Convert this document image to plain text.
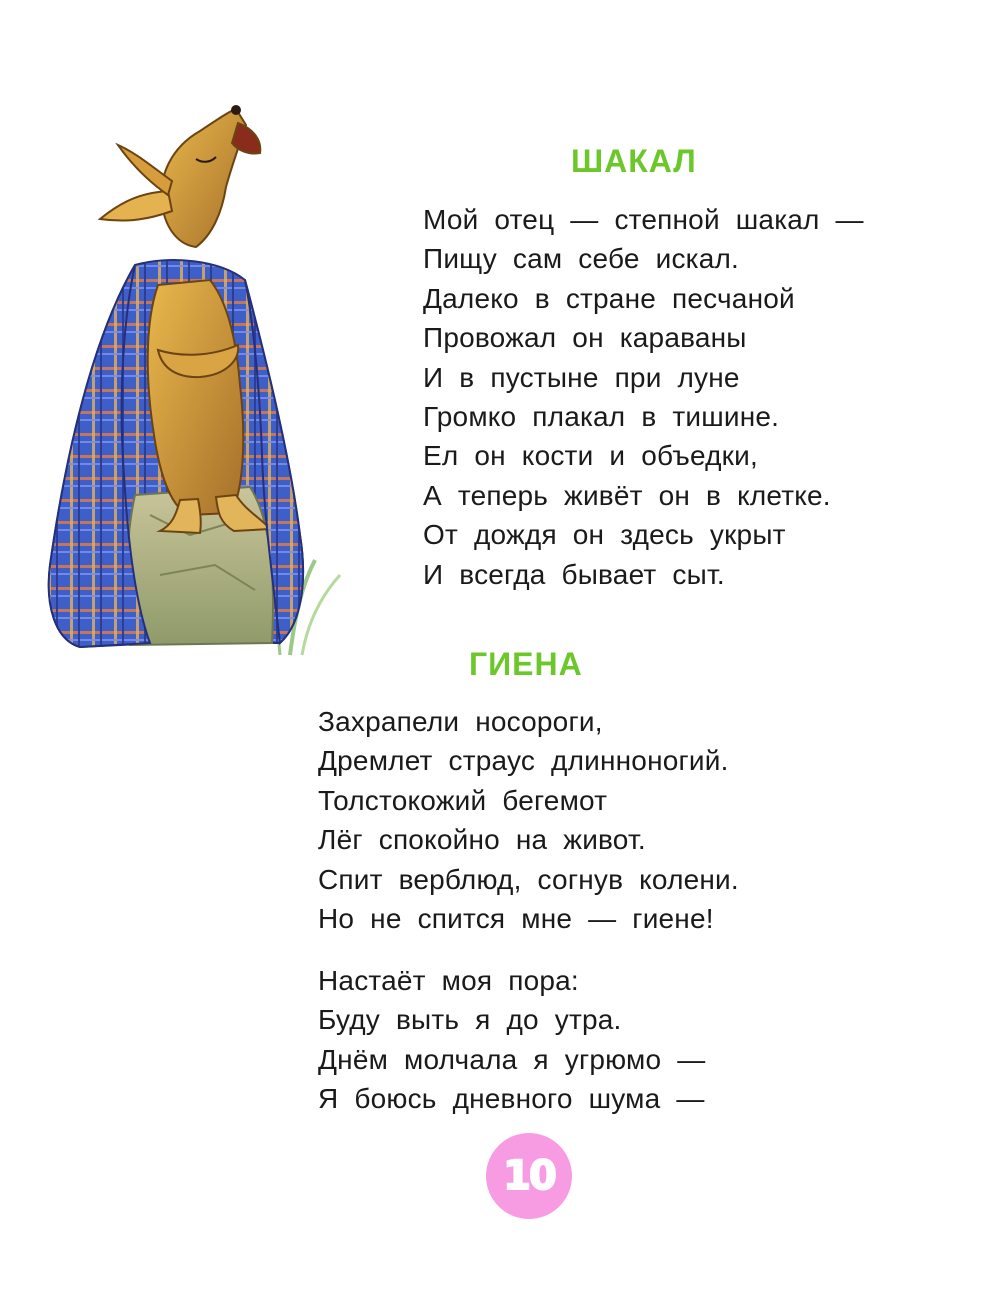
ШАКАЛ
Мой отец — степной шакал —
Пищу сам себе искал.
Далеко в стране песчаной
Провожал он караваны
И в пустыне при луне
Громко плакал в тишине.
Ел он кости и объедки,
А теперь живёт он в клетке.
От дождя он здесь укрыт
И всегда бывает сыт.
ГИЕНА
Захрапели носороги,
Дремлет страус длинноногий.
Толстокожий бегемот
Лёг спокойно на живот.
Спит верблюд, согнув колени.
Но не спится мне — гиене!
Настаёт моя пора:
Буду выть я до утра.
Днём молчала я угрюмо —
Я боюсь дневного шума —
10
